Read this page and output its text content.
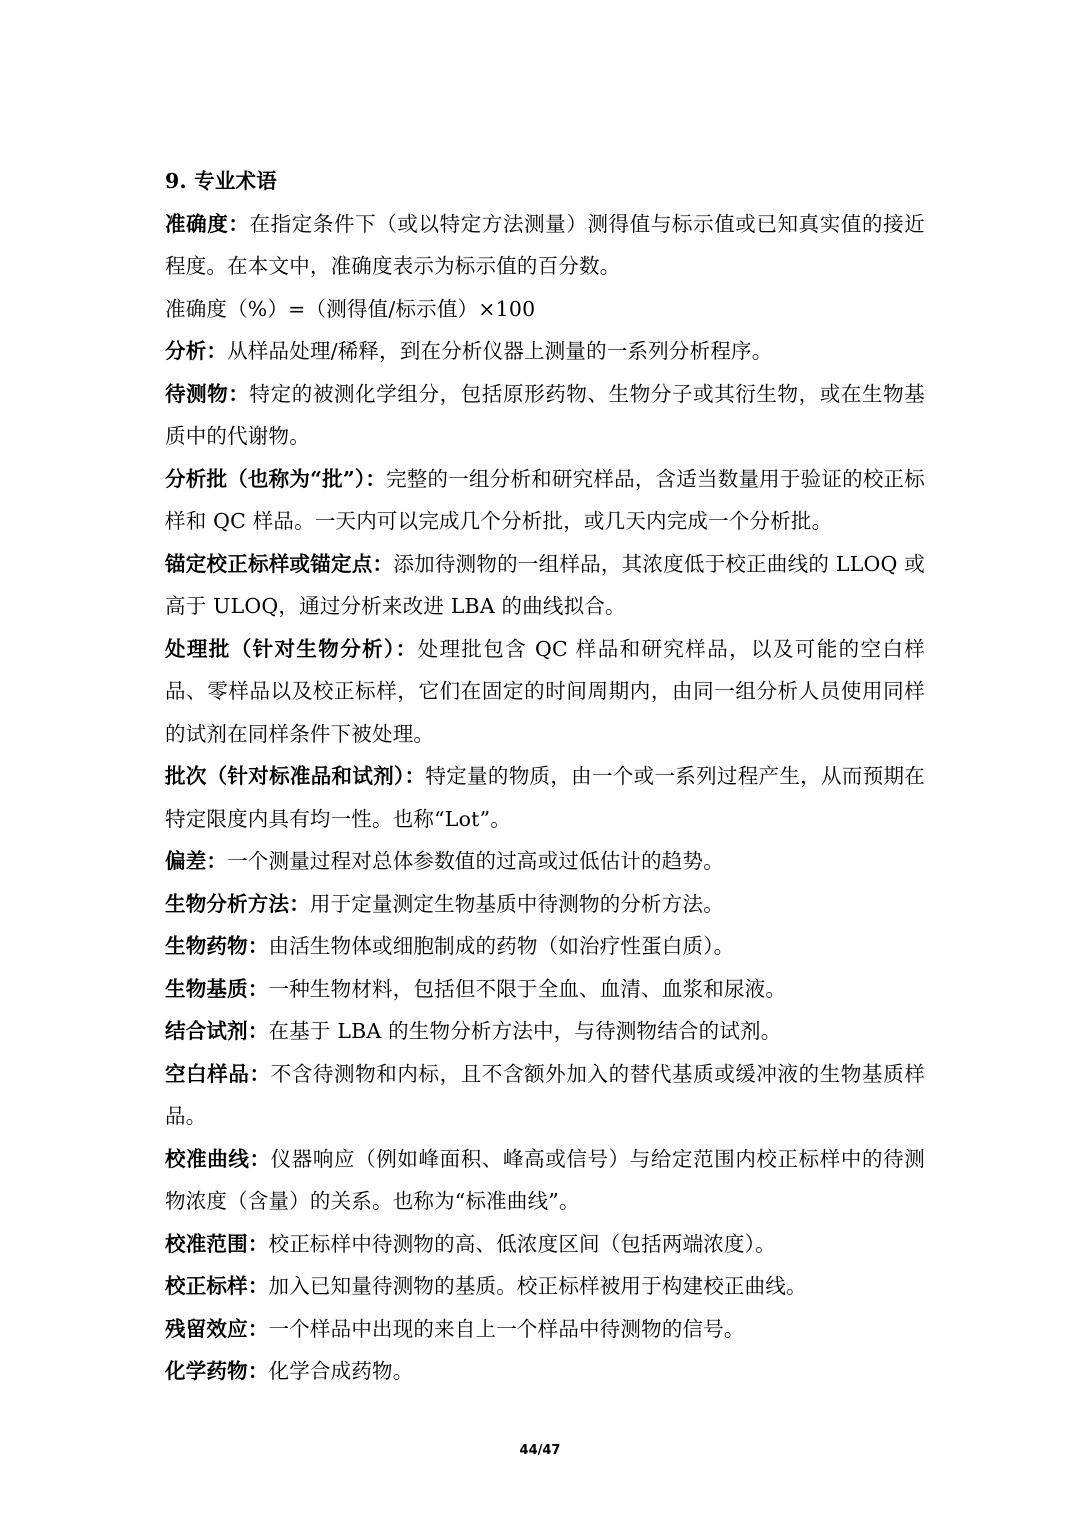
9. 专业术语

准确度：在指定条件下（或以特定方法测量）测得值与标示值或已知真实值的接近程度。在本文中，准确度表示为标示值的百分数。

准确度（%）=（测得值/标示值）×100

分析：从样品处理/稀释，到在分析仪器上测量的一系列分析程序。

待测物：特定的被测化学组分，包括原形药物、生物分子或其衍生物，或在生物基质中的代谢物。

分析批（也称为“批”）：完整的一组分析和研究样品，含适当数量用于验证的校正标样和 QC 样品。一天内可以完成几个分析批，或几天内完成一个分析批。

锚定校正标样或锚定点：添加待测物的一组样品，其浓度低于校正曲线的 LLOQ 或高于 ULOQ，通过分析来改进 LBA 的曲线拟合。

处理批（针对生物分析）：处理批包含 QC 样品和研究样品，以及可能的空白样品、零样品以及校正标样，它们在固定的时间周期内，由同一组分析人员使用同样的试剂在同样条件下被处理。

批次（针对标准品和试剂）：特定量的物质，由一个或一系列过程产生，从而预期在特定限度内具有均一性。也称“Lot”。

偏差：一个测量过程对总体参数值的过高或过低估计的趋势。

生物分析方法：用于定量测定生物基质中待测物的分析方法。

生物药物：由活生物体或细胞制成的药物（如治疗性蛋白质）。

生物基质：一种生物材料，包括但不限于全血、血清、血浆和尿液。

结合试剂：在基于 LBA 的生物分析方法中，与待测物结合的试剂。

空白样品：不含待测物和内标，且不含额外加入的替代基质或缓冲液的生物基质样品。

校准曲线：仪器响应（例如峰面积、峰高或信号）与给定范围内校正标样中的待测物浓度（含量）的关系。也称为“标准曲线”。

校准范围：校正标样中待测物的高、低浓度区间（包括两端浓度）。

校正标样：加入已知量待测物的基质。校正标样被用于构建校正曲线。

残留效应：一个样品中出现的来自上一个样品中待测物的信号。

化学药物：化学合成药物。

44/47
